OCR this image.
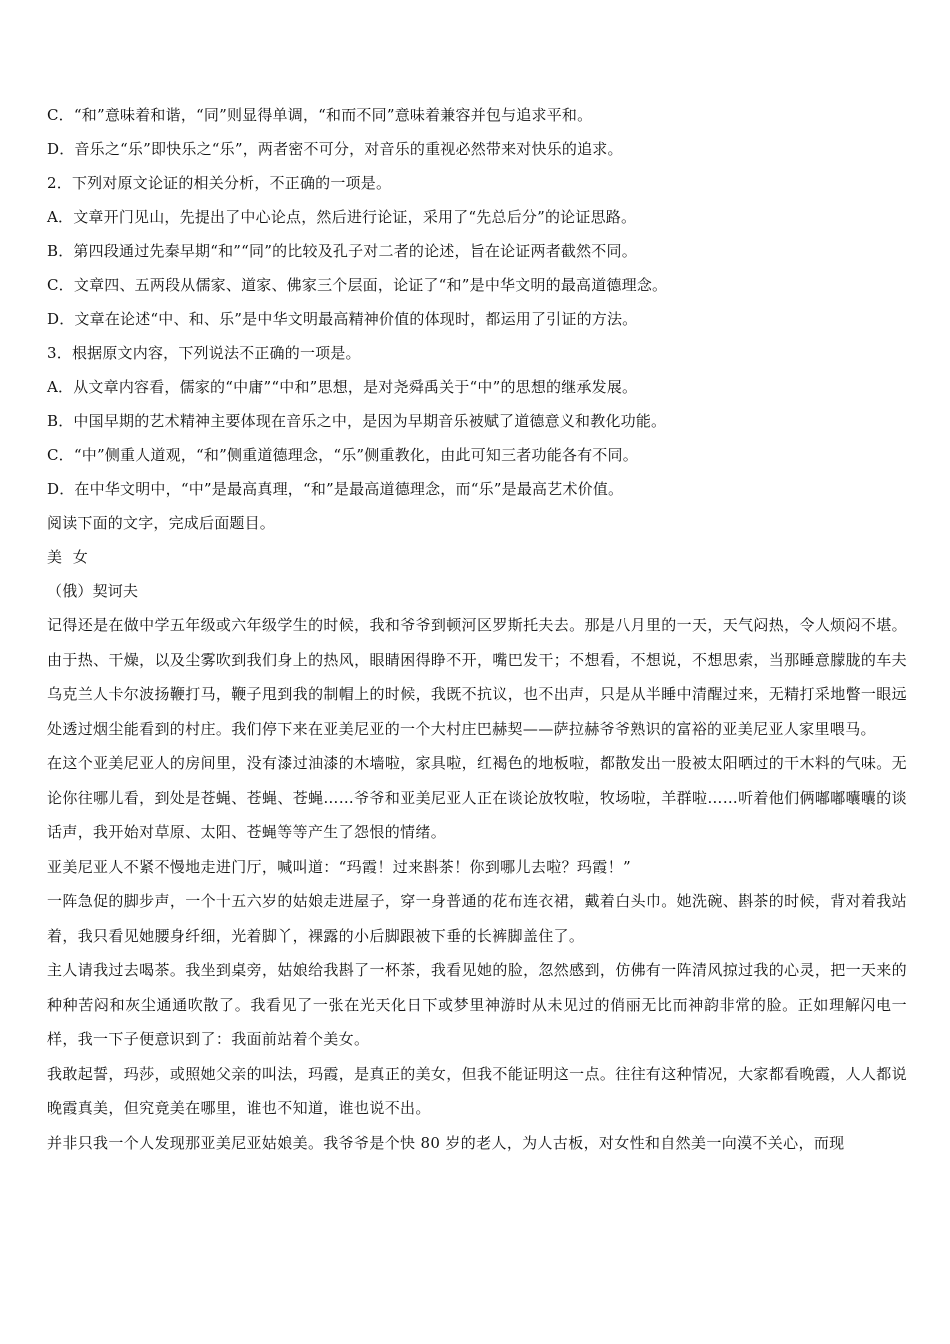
C．“和”意味着和谐，“同”则显得单调，“和而不同”意味着兼容并包与追求平和。

D．音乐之“乐”即快乐之“乐”，两者密不可分，对音乐的重视必然带来对快乐的追求。

2．下列对原文论证的相关分析，不正确的一项是。

A．文章开门见山，先提出了中心论点，然后进行论证，采用了“先总后分”的论证思路。

B．第四段通过先秦早期“和”“同”的比较及孔子对二者的论述，旨在论证两者截然不同。

C．文章四、五两段从儒家、道家、佛家三个层面，论证了“和”是中华文明的最高道德理念。

D．文章在论述“中、和、乐”是中华文明最高精神价值的体现时，都运用了引证的方法。

3．根据原文内容，下列说法不正确的一项是。

A．从文章内容看，儒家的“中庸”“中和”思想，是对尧舜禹关于“中”的思想的继承发展。

B．中国早期的艺术精神主要体现在音乐之中，是因为早期音乐被赋了道德意义和教化功能。

C．“中”侧重人道观，“和”侧重道德理念，“乐”侧重教化，由此可知三者功能各有不同。

D．在中华文明中，“中”是最高真理，“和”是最高道德理念，而“乐”是最高艺术价值。

阅读下面的文字，完成后面题目。

美 女

（俄）契诃夫

记得还是在做中学五年级或六年级学生的时候，我和爷爷到顿河区罗斯托夫去。那是八月里的一天，天气闷热，令人烦闷不堪。由于热、干燥，以及尘雾吹到我们身上的热风，眼睛困得睁不开，嘴巴发干；不想看，不想说，不想思索，当那睡意朦胧的车夫乌克兰人卡尔波扬鞭打马，鞭子甩到我的制帽上的时候，我既不抗议，也不出声，只是从半睡中清醒过来，无精打采地瞥一眼远处透过烟尘能看到的村庄。我们停下来在亚美尼亚的一个大村庄巴赫契——萨拉赫爷爷熟识的富裕的亚美尼亚人家里喂马。

在这个亚美尼亚人的房间里，没有漆过油漆的木墙啦，家具啦，红褐色的地板啦，都散发出一股被太阳晒过的干木料的气味。无论你往哪儿看，到处是苍蝇、苍蝇、苍蝇……爷爷和亚美尼亚人正在谈论放牧啦，牧场啦，羊群啦……听着他们俩嘟嘟囔囔的谈话声，我开始对草原、太阳、苍蝇等等产生了怨恨的情绪。

亚美尼亚人不紧不慢地走进门厅，喊叫道：“玛霞！过来斟茶！你到哪儿去啦？玛霞！”

一阵急促的脚步声，一个十五六岁的姑娘走进屋子，穿一身普通的花布连衣裙，戴着白头巾。她洗碗、斟茶的时候，背对着我站着，我只看见她腰身纤细，光着脚丫，裸露的小后脚跟被下垂的长裤脚盖住了。

主人请我过去喝茶。我坐到桌旁，姑娘给我斟了一杯茶，我看见她的脸，忽然感到，仿佛有一阵清风掠过我的心灵，把一天来的种种苦闷和灰尘通通吹散了。我看见了一张在光天化日下或梦里神游时从未见过的俏丽无比而神韵非常的脸。正如理解闪电一样，我一下子便意识到了：我面前站着个美女。

我敢起誓，玛莎，或照她父亲的叫法，玛霞，是真正的美女，但我不能证明这一点。往往有这种情况，大家都看晚霞，人人都说晚霞真美，但究竟美在哪里，谁也不知道，谁也说不出。

并非只我一个人发现那亚美尼亚姑娘美。我爷爷是个快 80 岁的老人，为人古板，对女性和自然美一向漠不关心，而现
